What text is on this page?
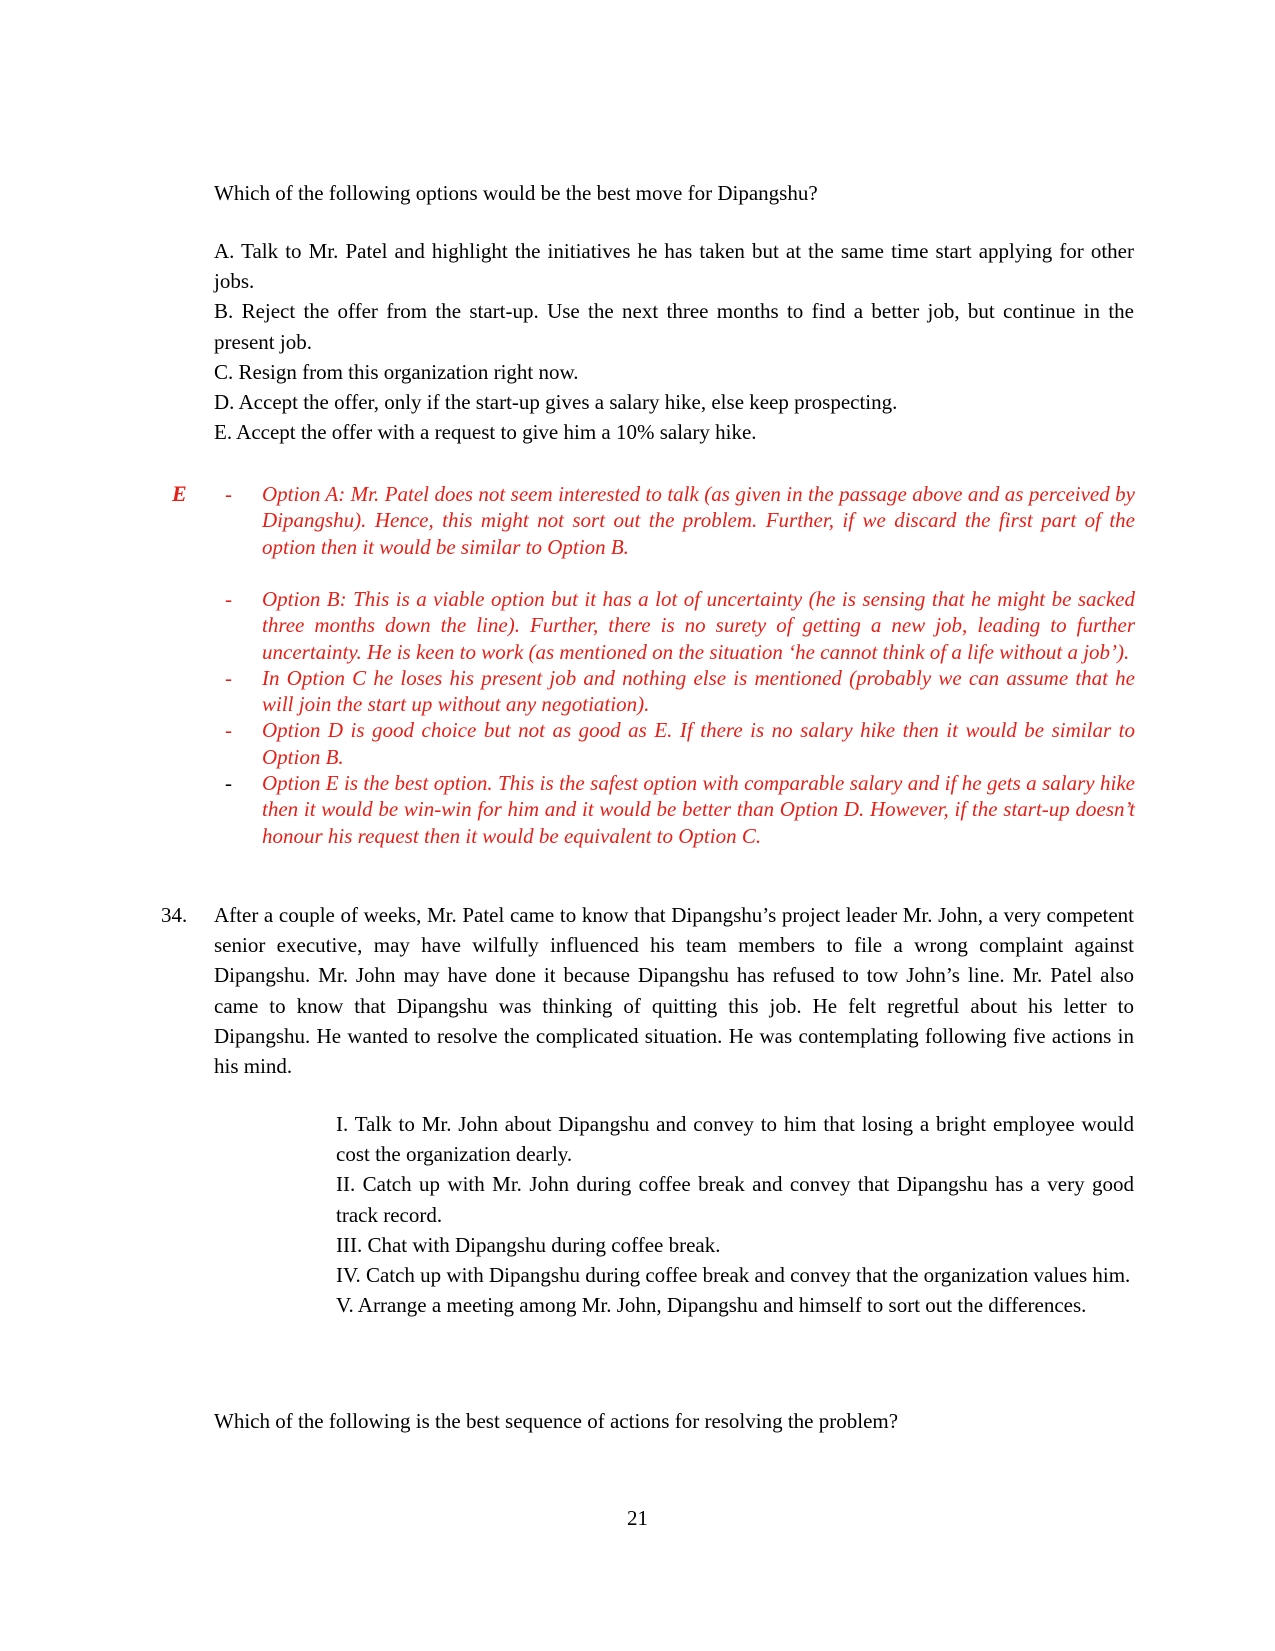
Which of the following options would be the best move for Dipangshu?

A. Talk to Mr. Patel and highlight the initiatives he has taken but at the same time start applying for other jobs.
B. Reject the offer from the start-up. Use the next three months to find a better job, but continue in the present job.
C. Resign from this organization right now.
D. Accept the offer, only if the start-up gives a salary hike, else keep prospecting.
E. Accept the offer with a request to give him a 10% salary hike.
E - Option A: Mr. Patel does not seem interested to talk (as given in the passage above and as perceived by Dipangshu). Hence, this might not sort out the problem. Further, if we discard the first part of the option then it would be similar to Option B.
- Option B: This is a viable option but it has a lot of uncertainty (he is sensing that he might be sacked three months down the line). Further, there is no surety of getting a new job, leading to further uncertainty. He is keen to work (as mentioned on the situation ‘he cannot think of a life without a job’).
- In Option C he loses his present job and nothing else is mentioned (probably we can assume that he will join the start up without any negotiation).
- Option D is good choice but not as good as E. If there is no salary hike then it would be similar to Option B.
- Option E is the best option. This is the safest option with comparable salary and if he gets a salary hike then it would be win-win for him and it would be better than Option D. However, if the start-up doesn’t honour his request then it would be equivalent to Option C.
34. After a couple of weeks, Mr. Patel came to know that Dipangshu’s project leader Mr. John, a very competent senior executive, may have wilfully influenced his team members to file a wrong complaint against Dipangshu. Mr. John may have done it because Dipangshu has refused to tow John’s line. Mr. Patel also came to know that Dipangshu was thinking of quitting this job. He felt regretful about his letter to Dipangshu. He wanted to resolve the complicated situation. He was contemplating following five actions in his mind.

I. Talk to Mr. John about Dipangshu and convey to him that losing a bright employee would cost the organization dearly.
II. Catch up with Mr. John during coffee break and convey that Dipangshu has a very good track record.
III. Chat with Dipangshu during coffee break.
IV. Catch up with Dipangshu during coffee break and convey that the organization values him.
V. Arrange a meeting among Mr. John, Dipangshu and himself to sort out the differences.

Which of the following is the best sequence of actions for resolving the problem?

21
